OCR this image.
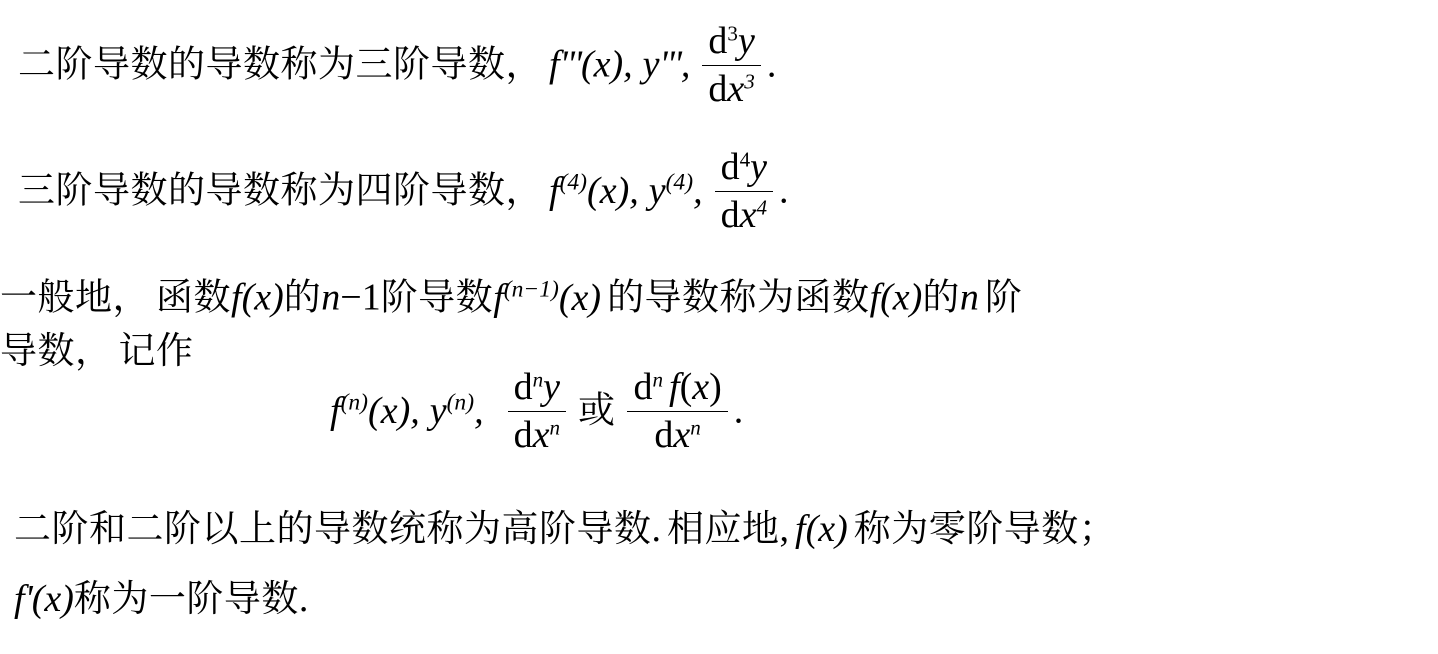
二阶导数的导数称为三阶导数， f'''(x), y''', $\frac{d^3y}{dx^3}$ .
三阶导数的导数称为四阶导数， $f^{(4)}(x)$, $y^{(4)}$, $\frac{d^4y}{dx^4}$ .
一般地， 函数f(x)的n−1阶导数$f^{(n-1)}(x)$ 的导数称为函数f(x)的n 阶
导数， 记作
$f^{(n)}(x)$, $y^{(n)}$, $\frac{d^ny}{dx^n}$ 或 $\frac{d^n f(x)}{dx^n}$ .
二阶和二阶以上的导数统称为高阶导数. 相应地, f(x) 称为零阶导数；
f'(x)称为一阶导数.
